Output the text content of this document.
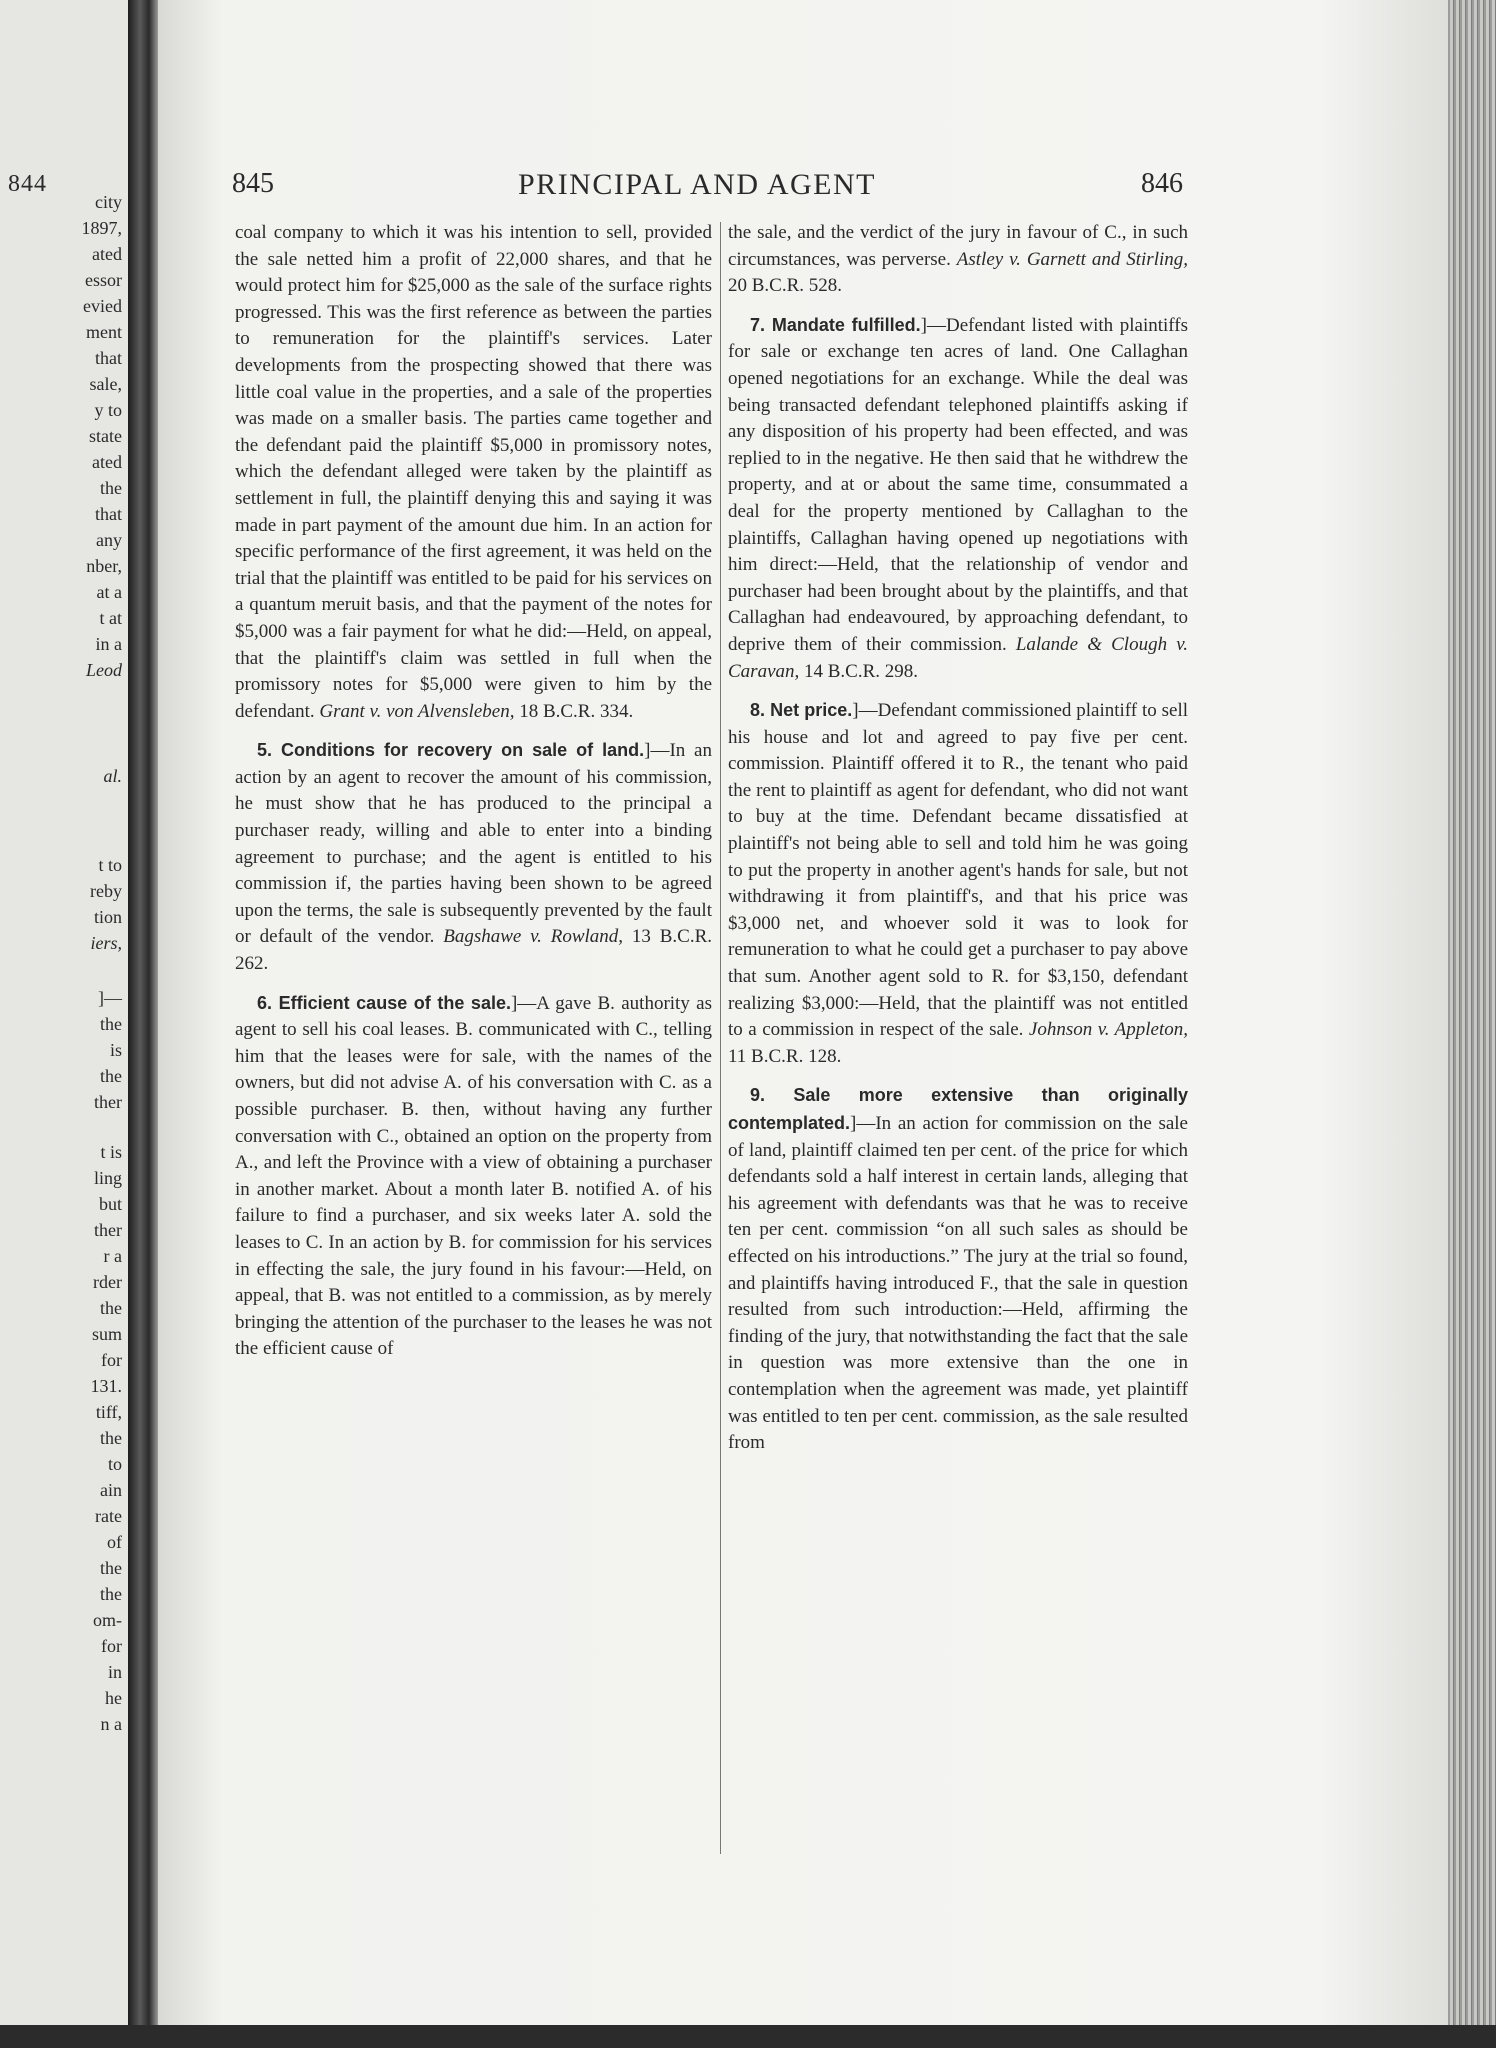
844
city
1897,
ated
essor
evied
ment
that
sale,
y to
state
ated
the
that
any
nber,
at a
t at
in a
Leod
al.
t to
reby
tion
iers,
]—
the
is
the
ther
t is
ling
but
ther
r a
rder
the
sum
for
131.
tiff,
the
to
ain
rate
of
the
the
om-
for
in
he
n a
845	PRINCIPAL AND AGENT	846

coal company to which it was his intention to sell, provided the sale netted him a profit of 22,000 shares, and that he would protect him for $25,000 as the sale of the surface rights progressed. This was the first reference as between the parties to remuneration for the plaintiff's services. Later developments from the prospecting showed that there was little coal value in the properties, and a sale of the properties was made on a smaller basis. The parties came together and the defendant paid the plaintiff $5,000 in promissory notes, which the defendant alleged were taken by the plaintiff as settlement in full, the plaintiff denying this and saying it was made in part payment of the amount due him. In an action for specific performance of the first agreement, it was held on the trial that the plaintiff was entitled to be paid for his services on a quantum meruit basis, and that the payment of the notes for $5,000 was a fair payment for what he did:—Held, on appeal, that the plaintiff's claim was settled in full when the promissory notes for $5,000 were given to him by the defendant. Grant v. von Alvensleben, 18 B.C.R. 334.

5. Conditions for recovery on sale of land.]—In an action by an agent to recover the amount of his commission, he must show that he has produced to the principal a purchaser ready, willing and able to enter into a binding agreement to purchase; and the agent is entitled to his commission if, the parties having been shown to be agreed upon the terms, the sale is subsequently prevented by the fault or default of the vendor. Bagshawe v. Rowland, 13 B.C.R. 262.

6. Efficient cause of the sale.]—A gave B. authority as agent to sell his coal leases. B. communicated with C., telling him that the leases were for sale, with the names of the owners, but did not advise A. of his conversation with C. as a possible purchaser. B. then, without having any further conversation with C., obtained an option on the property from A., and left the Province with a view of obtaining a purchaser in another market. About a month later B. notified A. of his failure to find a purchaser, and six weeks later A. sold the leases to C. In an action by B. for commission for his services in effecting the sale, the jury found in his favour:—Held, on appeal, that B. was not entitled to a commission, as by merely bringing the attention of the purchaser to the leases he was not the efficient cause of

the sale, and the verdict of the jury in favour of C., in such circumstances, was perverse. Astley v. Garnett and Stirling, 20 B.C.R. 528.

7. Mandate fulfilled.]—Defendant listed with plaintiffs for sale or exchange ten acres of land. One Callaghan opened negotiations for an exchange. While the deal was being transacted defendant telephoned plaintiffs asking if any disposition of his property had been effected, and was replied to in the negative. He then said that he withdrew the property, and at or about the same time, consummated a deal for the property mentioned by Callaghan to the plaintiffs, Callaghan having opened up negotiations with him direct:—Held, that the relationship of vendor and purchaser had been brought about by the plaintiffs, and that Callaghan had endeavoured, by approaching defendant, to deprive them of their commission. Lalande & Clough v. Caravan, 14 B.C.R. 298.

8. Net price.]—Defendant commissioned plaintiff to sell his house and lot and agreed to pay five per cent. commission. Plaintiff offered it to R., the tenant who paid the rent to plaintiff as agent for defendant, who did not want to buy at the time. Defendant became dissatisfied at plaintiff's not being able to sell and told him he was going to put the property in another agent's hands for sale, but not withdrawing it from plaintiff's, and that his price was $3,000 net, and whoever sold it was to look for remuneration to what he could get a purchaser to pay above that sum. Another agent sold to R. for $3,150, defendant realizing $3,000:—Held, that the plaintiff was not entitled to a commission in respect of the sale. Johnson v. Appleton, 11 B.C.R. 128.

9. Sale more extensive than originally contemplated.]—In an action for commission on the sale of land, plaintiff claimed ten per cent. of the price for which defendants sold a half interest in certain lands, alleging that his agreement with defendants was that he was to receive ten per cent. commission “on all such sales as should be effected on his introductions.” The jury at the trial so found, and plaintiffs having introduced F., that the sale in question resulted from such introduction:—Held, affirming the finding of the jury, that notwithstanding the fact that the sale in question was more extensive than the one in contemplation when the agreement was made, yet plaintiff was entitled to ten per cent. commission, as the sale resulted from
